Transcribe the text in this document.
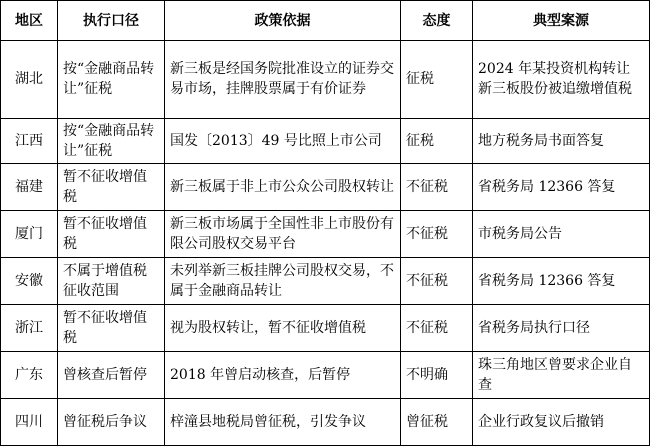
地区	执行口径	政策依据	态度	典型案源
湖北	按“金融商品转让”征税	新三板是经国务院批准设立的证券交易市场，挂牌股票属于有价证券	征税	2024 年某投资机构转让新三板股份被追缴增值税
江西	按“金融商品转让”征税	国发〔2013〕49 号比照上市公司	征税	地方税务局书面答复
福建	暂不征收增值税	新三板属于非上市公众公司股权转让	不征税	省税务局 12366 答复
厦门	暂不征收增值税	新三板市场属于全国性非上市股份有限公司股权交易平台	不征税	市税务局公告
安徽	不属于增值税征收范围	未列举新三板挂牌公司股权交易，不属于金融商品转让	不征税	省税务局 12366 答复
浙江	暂不征收增值税	视为股权转让，暂不征收增值税	不征税	省税务局执行口径
广东	曾核查后暂停	2018 年曾启动核查，后暂停	不明确	珠三角地区曾要求企业自查
四川	曾征税后争议	梓潼县地税局曾征税，引发争议	曾征税	企业行政复议后撤销
